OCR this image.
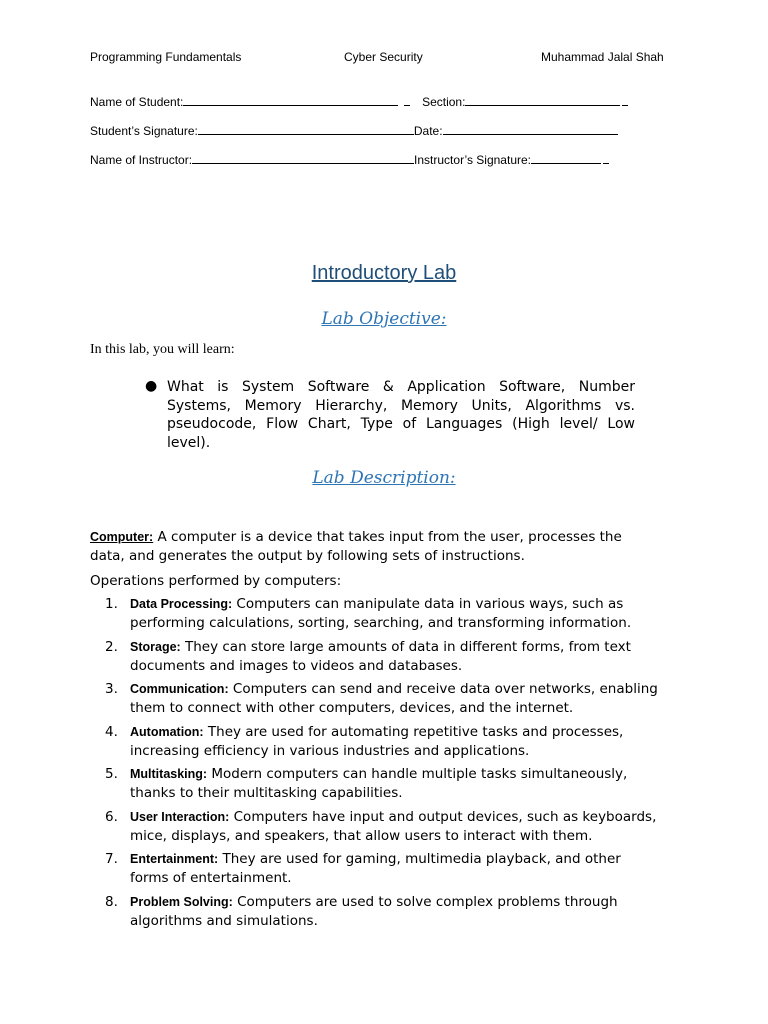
Programming Fundamentals	Cyber Security	Muhammad Jalal Shah
Name of Student:	Section:
Student’s Signature:	Date:
Name of Instructor:	Instructor’s Signature:
Introductory Lab
Lab Objective:
In this lab, you will learn:
● What is System Software & Application Software, Number Systems, Memory Hierarchy, Memory Units, Algorithms vs. pseudocode, Flow Chart, Type of Languages (High level/ Low level).
Lab Description:
Computer: A computer is a device that takes input from the user, processes the data, and generates the output by following sets of instructions.
Operations performed by computers:
1. Data Processing: Computers can manipulate data in various ways, such as performing calculations, sorting, searching, and transforming information.
2. Storage: They can store large amounts of data in different forms, from text documents and images to videos and databases.
3. Communication: Computers can send and receive data over networks, enabling them to connect with other computers, devices, and the internet.
4. Automation: They are used for automating repetitive tasks and processes, increasing efficiency in various industries and applications.
5. Multitasking: Modern computers can handle multiple tasks simultaneously, thanks to their multitasking capabilities.
6. User Interaction: Computers have input and output devices, such as keyboards, mice, displays, and speakers, that allow users to interact with them.
7. Entertainment: They are used for gaming, multimedia playback, and other forms of entertainment.
8. Problem Solving: Computers are used to solve complex problems through algorithms and simulations.
